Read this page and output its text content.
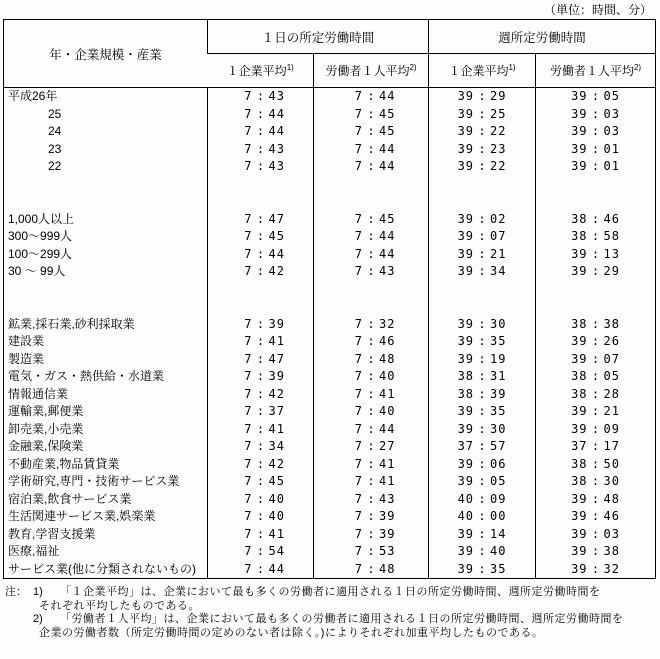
（単位：時間、分）
年・企業規模・産業	１日の所定労働時間		週所定労働時間	
	１企業平均$^{1)}$	労働者１人平均$^{2)}$	１企業平均$^{1)}$	労働者１人平均$^{2)}$
平成26年	7 : 43	7 : 44	39 : 29	39 : 05

25	7 : 44	7 : 45	39 : 25	39 : 03

24	7 : 44	7 : 45	39 : 22	39 : 03

23	7 : 43	7 : 44	39 : 23	39 : 01

22	7 : 43	7 : 44	39 : 22	39 : 01

1,000人以上	7 : 47	7 : 45	39 : 02	38 : 46

300〜999人	7 : 45	7 : 44	39 : 07	38 : 58

100〜299人	7 : 44	7 : 44	39 : 21	39 : 13

30 〜 99人	7 : 42	7 : 43	39 : 34	39 : 29

鉱業,採石業,砂利採取業	7 : 39	7 : 32	39 : 30	38 : 38

建設業	7 : 41	7 : 46	39 : 35	39 : 26

製造業	7 : 47	7 : 48	39 : 19	39 : 07

電気・ガス・熱供給・水道業	7 : 39	7 : 40	38 : 31	38 : 05

情報通信業	7 : 42	7 : 41	38 : 39	38 : 28

運輸業,郵便業	7 : 37	7 : 40	39 : 35	39 : 21

卸売業,小売業	7 : 41	7 : 44	39 : 30	39 : 09

金融業,保険業	7 : 34	7 : 27	37 : 57	37 : 17

不動産業,物品賃貸業	7 : 42	7 : 41	39 : 06	38 : 50

学術研究,専門・技術サービス業	7 : 45	7 : 41	39 : 05	38 : 30

宿泊業,飲食サービス業	7 : 40	7 : 43	40 : 09	39 : 48

生活関連サービス業,娯楽業	7 : 40	7 : 39	40 : 00	39 : 46

教育,学習支援業	7 : 41	7 : 39	39 : 14	39 : 03

医療,福祉	7 : 54	7 : 53	39 : 40	39 : 38

サービス業(他に分類されないもの)	7 : 44	7 : 48	39 : 35	39 : 32
注： 1)	「１企業平均」は、企業において最も多くの労働者に適用される１日の所定労働時間、週所定労働時間を
それぞれ平均したものである。
2)	「労働者１人平均」は、企業において最も多くの労働者に適用される１日の所定労働時間、週所定労働時間を
企業の労働者数（所定労働時間の定めのない者は除く。)によりそれぞれ加重平均したものである。
